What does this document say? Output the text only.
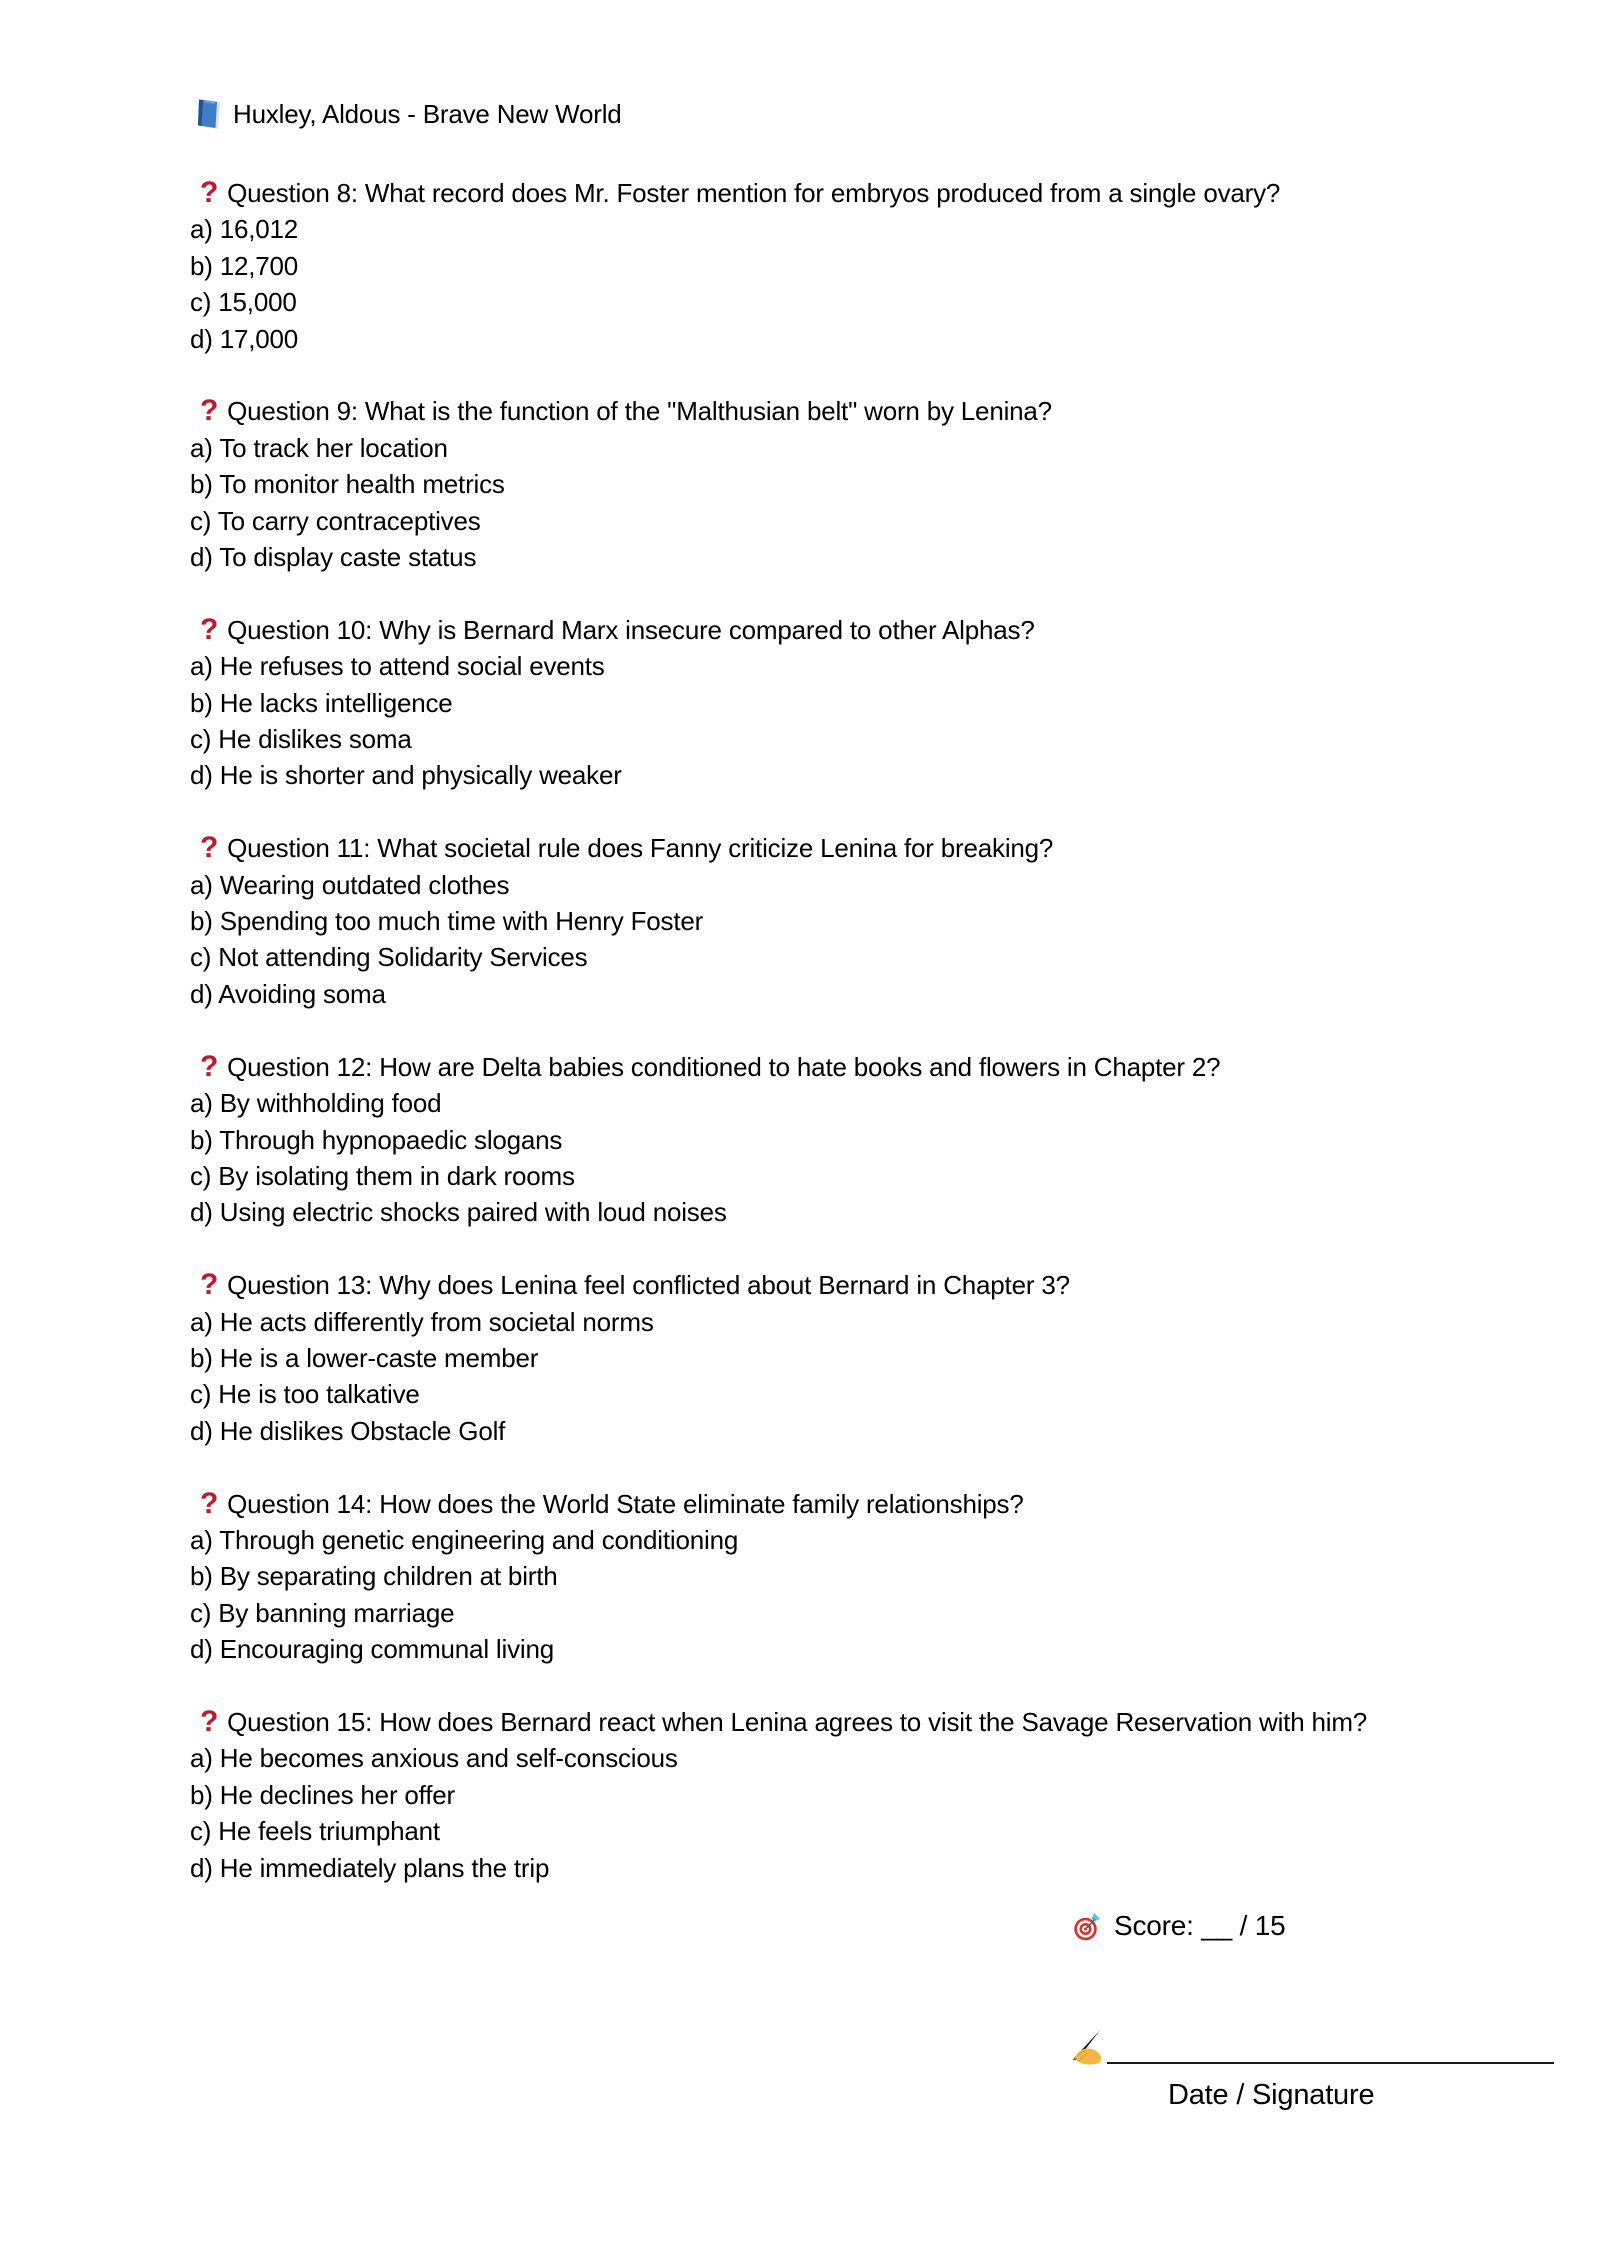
Huxley, Aldous - Brave New World
? Question 8: What record does Mr. Foster mention for embryos produced from a single ovary?
a) 16,012
b) 12,700
c) 15,000
d) 17,000
? Question 9: What is the function of the "Malthusian belt" worn by Lenina?
a) To track her location
b) To monitor health metrics
c) To carry contraceptives
d) To display caste status
? Question 10: Why is Bernard Marx insecure compared to other Alphas?
a) He refuses to attend social events
b) He lacks intelligence
c) He dislikes soma
d) He is shorter and physically weaker
? Question 11: What societal rule does Fanny criticize Lenina for breaking?
a) Wearing outdated clothes
b) Spending too much time with Henry Foster
c) Not attending Solidarity Services
d) Avoiding soma
? Question 12: How are Delta babies conditioned to hate books and flowers in Chapter 2?
a) By withholding food
b) Through hypnopaedic slogans
c) By isolating them in dark rooms
d) Using electric shocks paired with loud noises
? Question 13: Why does Lenina feel conflicted about Bernard in Chapter 3?
a) He acts differently from societal norms
b) He is a lower-caste member
c) He is too talkative
d) He dislikes Obstacle Golf
? Question 14: How does the World State eliminate family relationships?
a) Through genetic engineering and conditioning
b) By separating children at birth
c) By banning marriage
d) Encouraging communal living
? Question 15: How does Bernard react when Lenina agrees to visit the Savage Reservation with him?
a) He becomes anxious and self-conscious
b) He declines her offer
c) He feels triumphant
d) He immediately plans the trip
Score: __ / 15
Date / Signature
